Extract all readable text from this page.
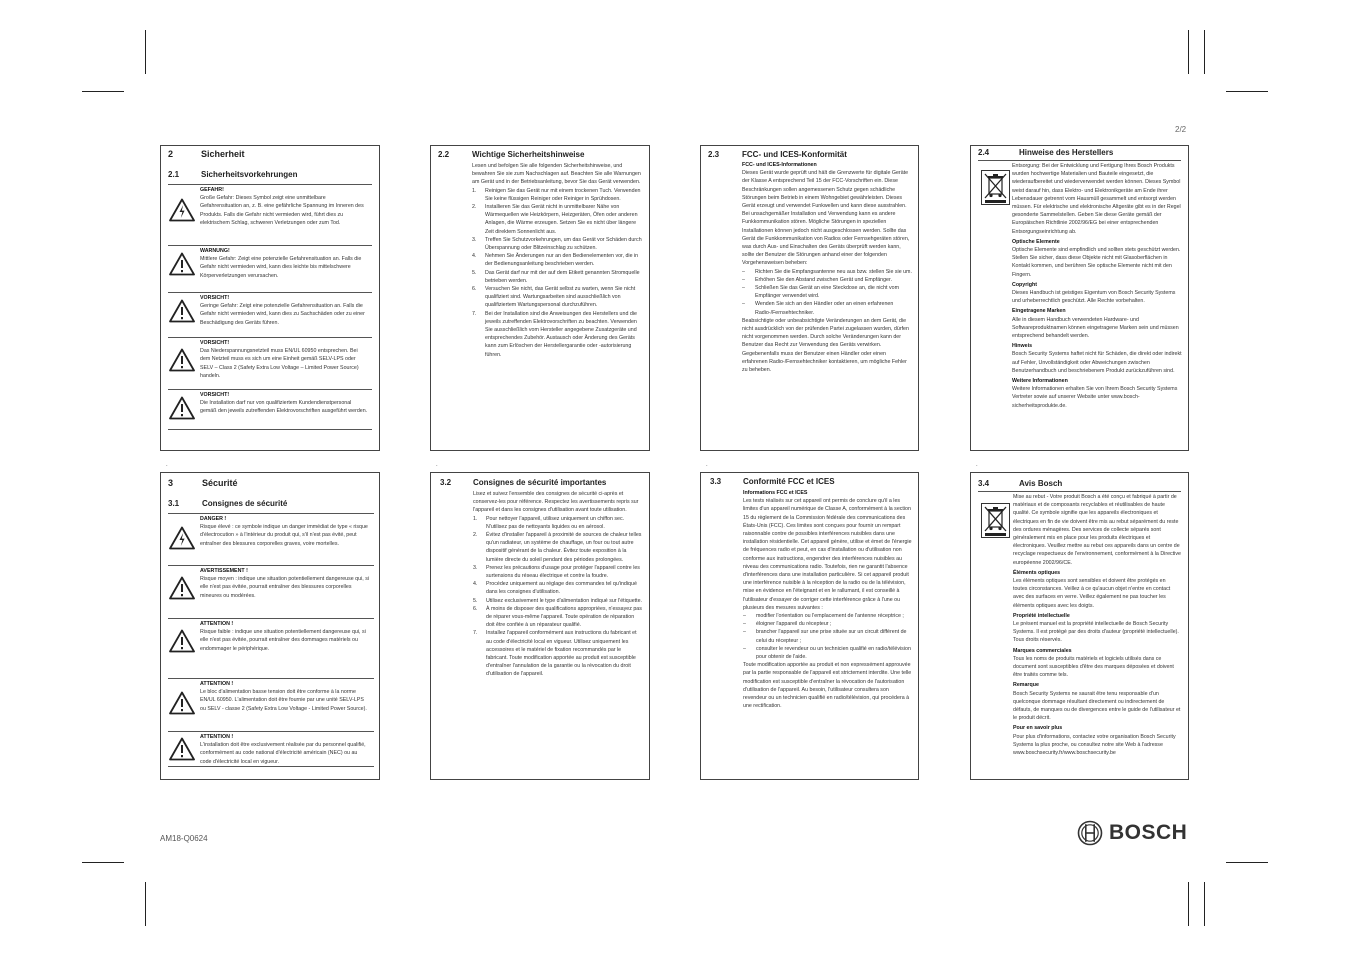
2/2
2	Sicherheit
2.1	Sicherheitsvorkehrungen
GEFAHR!
Große Gefahr: Dieses Symbol zeigt eine unmittelbare Gefahrensituation an, z. B. eine gefährliche Spannung im Inneren des Produkts. Falls die Gefahr nicht vermieden wird, führt dies zu elektrischem Schlag, schweren Verletzungen oder zum Tod.
WARNUNG!
Mittlere Gefahr: Zeigt eine potenzielle Gefahrensituation an. Falls die Gefahr nicht vermieden wird, kann dies leichte bis mittelschwere Körperverletzungen verursachen.
VORSICHT!
Geringe Gefahr: Zeigt eine potenzielle Gefahrensituation an. Falls die Gefahr nicht vermieden wird, kann dies zu Sachschäden oder zu einer Beschädigung des Geräts führen.
VORSICHT!
Das Niederspannungsnetzteil muss EN/UL 60950 entsprechen. Bei dem Netzteil muss es sich um eine Einheit gemäß SELV-LPS oder SELV – Class 2 (Safety Extra Low Voltage – Limited Power Source) handeln.
VORSICHT!
Die Installation darf nur von qualifiziertem Kundendienstpersonal gemäß den jeweils zutreffenden Elektrovorschriften ausgeführt werden.
2.2	Wichtige Sicherheitshinweise

Lesen und befolgen Sie alle folgenden Sicherheitshinweise, und bewahren Sie sie zum Nachschlagen auf. Beachten Sie alle Warnungen am Gerät und in der Betriebsanleitung, bevor Sie das Gerät verwenden.

1. Reinigen Sie das Gerät nur mit einem trockenen Tuch. Verwenden Sie keine flüssigen Reiniger oder Reiniger in Sprühdosen.
2. Installieren Sie das Gerät nicht in unmittelbarer Nähe von Wärmequellen wie Heizkörpern, Heizgeräten, Öfen oder anderen Anlagen, die Wärme erzeugen. Setzen Sie es nicht über längere Zeit direktem Sonnenlicht aus.
3. Treffen Sie Schutzvorkehrungen, um das Gerät vor Schäden durch Überspannung oder Blitzeinschlag zu schützen.
4. Nehmen Sie Änderungen nur an den Bedienelementen vor, die in der Bedienungsanleitung beschrieben werden.
5. Das Gerät darf nur mit der auf dem Etikett genannten Stromquelle betrieben werden.
6. Versuchen Sie nicht, das Gerät selbst zu warten, wenn Sie nicht qualifiziert sind. Wartungsarbeiten sind ausschließlich von qualifiziertem Wartungspersonal durchzuführen.
7. Bei der Installation sind die Anweisungen des Herstellers und die jeweils zutreffenden Elektrovorschriften zu beachten. Verwenden Sie ausschließlich vom Hersteller angegebene Zusatzgeräte und entsprechendes Zubehör. Austausch oder Änderung des Geräts kann zum Erlöschen der Herstellergarantie oder -autorisierung führen.
2.3	FCC- und ICES-Konformität

FCC- und ICES-Informationen

Dieses Gerät wurde geprüft und hält die Grenzwerte für digitale Geräte der Klasse A entsprechend Teil 15 der FCC-Vorschriften ein. Diese Beschränkungen sollen angemessenen Schutz gegen schädliche Störungen beim Betrieb in einem Wohngebiet gewährleisten. Dieses Gerät erzeugt und verwendet Funkwellen und kann diese ausstrahlen. Bei unsachgemäßer Installation und Verwendung kann es andere Funkkommunikation stören. Mögliche Störungen in speziellen Installationen können jedoch nicht ausgeschlossen werden. Sollte das Gerät die Funkkommunikation von Radios oder Fernsehgeräten stören, was durch Aus- und Einschalten des Geräts überprüft werden kann, sollte der Benutzer die Störungen anhand einer der folgenden Vorgehensweisen beheben:

– Richten Sie die Empfangsantenne neu aus bzw. stellen Sie sie um.
– Erhöhen Sie den Abstand zwischen Gerät und Empfänger.
– Schließen Sie das Gerät an eine Steckdose an, die nicht vom Empfänger verwendet wird.
– Wenden Sie sich an den Händler oder an einen erfahrenen Radio-/Fernsehtechniker.

Beabsichtigte oder unbeabsichtigte Veränderungen an dem Gerät, die nicht ausdrücklich von der prüfenden Partei zugelassen wurden, dürfen nicht vorgenommen werden. Durch solche Veränderungen kann der Benutzer das Recht zur Verwendung des Geräts verwirken. Gegebenenfalls muss der Benutzer einen Händler oder einen erfahrenen Radio-/Fernsehtechniker kontaktieren, um mögliche Fehler zu beheben.

2.4	Hinweise des Herstellers

Entsorgung: Bei der Entwicklung und Fertigung Ihres Bosch Produkts wurden hochwertige Materialien und Bauteile eingesetzt, die wiederaufbereitet und wiederverwendet werden können. Dieses Symbol weist darauf hin, dass Elektro- und Elektronikgeräte am Ende ihrer Lebensdauer getrennt vom Hausmüll gesammelt und entsorgt werden müssen. Für elektrische und elektronische Altgeräte gibt es in der Regel gesonderte Sammelstellen. Geben Sie diese Geräte gemäß der Europäischen Richtlinie 2002/96/EG bei einer entsprechenden Entsorgungseinrichtung ab.

Optische Elemente

Optische Elemente sind empfindlich und sollten stets geschützt werden. Stellen Sie sicher, dass diese Objekte nicht mit Glasoberflächen in Kontakt kommen, und berühren Sie optische Elemente nicht mit den Fingern.

Copyright

Dieses Handbuch ist geistiges Eigentum von Bosch Security Systems und urheberrechtlich geschützt. Alle Rechte vorbehalten.

Eingetragene Marken

Alle in diesem Handbuch verwendeten Hardware- und Softwareproduktnamen können eingetragene Marken sein und müssen entsprechend behandelt werden.

Hinweis

Bosch Security Systems haftet nicht für Schäden, die direkt oder indirekt auf Fehler, Unvollständigkeit oder Abweichungen zwischen Benutzerhandbuch und beschriebenem Produkt zurückzuführen sind.

Weitere Informationen

Weitere Informationen erhalten Sie von Ihrem Bosch Security Systems Vertreter sowie auf unserer Website unter www.bosch-sicherheitsprodukte.de.

.	.	.	.
3	Sécurité
3.1	Consignes de sécurité
DANGER !
Risque élevé : ce symbole indique un danger immédiat de type « risque d'électrocution » à l'intérieur du produit qui, s'il n'est pas évité, peut entraîner des blessures corporelles graves, voire mortelles.
AVERTISSEMENT !
Risque moyen : indique une situation potentiellement dangereuse qui, si elle n'est pas évitée, pourrait entraîner des blessures corporelles mineures ou modérées.
ATTENTION !
Risque faible : indique une situation potentiellement dangereuse qui, si elle n'est pas évitée, pourrait entraîner des dommages matériels ou endommager le périphérique.
ATTENTION !
Le bloc d'alimentation basse tension doit être conforme à la norme EN/UL 60950. L'alimentation doit être fournie par une unité SELV-LPS ou SELV - classe 2 (Safety Extra Low Voltage - Limited Power Source).
ATTENTION !
L'installation doit être exclusivement réalisée par du personnel qualifié, conformément au code national d'électricité américain (NEC) ou au code d'électricité local en vigueur.
3.2	Consignes de sécurité importantes

Lisez et suivez l'ensemble des consignes de sécurité ci-après et conservez-les pour référence. Respectez les avertissements repris sur l'appareil et dans les consignes d'utilisation avant toute utilisation.

1. Pour nettoyer l'appareil, utilisez uniquement un chiffon sec. N'utilisez pas de nettoyants liquides ou en aérosol.
2. Évitez d'installer l'appareil à proximité de sources de chaleur telles qu'un radiateur, un système de chauffage, un four ou tout autre dispositif générant de la chaleur. Évitez toute exposition à la lumière directe du soleil pendant des périodes prolongées.
3. Prenez les précautions d'usage pour protéger l'appareil contre les surtensions du réseau électrique et contre la foudre.
4. Procédez uniquement au réglage des commandes tel qu'indiqué dans les consignes d'utilisation.
5. Utilisez exclusivement le type d'alimentation indiqué sur l'étiquette.
6. À moins de disposer des qualifications appropriées, n'essayez pas de réparer vous-même l'appareil. Toute opération de réparation doit être confiée à un réparateur qualifié.
7. Installez l'appareil conformément aux instructions du fabricant et au code d'électricité local en vigueur. Utilisez uniquement les accessoires et le matériel de fixation recommandés par le fabricant. Toute modification apportée au produit est susceptible d'entraîner l'annulation de la garantie ou la révocation du droit d'utilisation de l'appareil.
3.3	Conformité FCC et ICES

Informations FCC et ICES

Les tests réalisés sur cet appareil ont permis de conclure qu'il a les limites d'un appareil numérique de Classe A, conformément à la section 15 du règlement de la Commission fédérale des communications des États-Unis (FCC). Ces limites sont conçues pour fournir un rempart raisonnable contre de possibles interférences nuisibles dans une installation résidentielle. Cet appareil génère, utilise et émet de l'énergie de fréquences radio et peut, en cas d'installation ou d'utilisation non conforme aux instructions, engendrer des interférences nuisibles au niveau des communications radio. Toutefois, rien ne garantit l'absence d'interférences dans une installation particulière. Si cet appareil produit une interférence nuisible à la réception de la radio ou de la télévision, mise en évidence en l'éteignant et en le rallumant, il est conseillé à l'utilisateur d'essayer de corriger cette interférence grâce à l'une ou plusieurs des mesures suivantes :

– modifier l'orientation ou l'emplacement de l'antenne réceptrice ;
– éloigner l'appareil du récepteur ;
– brancher l'appareil sur une prise située sur un circuit différent de celui du récepteur ;
– consulter le revendeur ou un technicien qualifié en radio/télévision pour obtenir de l'aide.

Toute modification apportée au produit et non expressément approuvée par la partie responsable de l'appareil est strictement interdite. Une telle modification est susceptible d'entraîner la révocation de l'autorisation d'utilisation de l'appareil. Au besoin, l'utilisateur consultera son revendeur ou un technicien qualifié en radio/télévision, qui procédera à une rectification.

3.4	Avis Bosch

Mise au rebut - Votre produit Bosch a été conçu et fabriqué à partir de matériaux et de composants recyclables et réutilisables de haute qualité. Ce symbole signifie que les appareils électroniques et électriques en fin de vie doivent être mis au rebut séparément du reste des ordures ménagères. Des services de collecte séparés sont généralement mis en place pour les produits électriques et électroniques. Veuillez mettre au rebut ces appareils dans un centre de recyclage respectueux de l'environnement, conformément à la Directive européenne 2002/96/CE.

Éléments optiques

Les éléments optiques sont sensibles et doivent être protégés en toutes circonstances. Veillez à ce qu'aucun objet n'entre en contact avec des surfaces en verre. Veillez également ne pas toucher les éléments optiques avec les doigts.

Propriété intellectuelle

Le présent manuel est la propriété intellectuelle de Bosch Security Systems. Il est protégé par des droits d'auteur (propriété intellectuelle). Tous droits réservés.

Marques commerciales

Tous les noms de produits matériels et logiciels utilisés dans ce document sont susceptibles d'être des marques déposées et doivent être traités comme tels.

Remarque

Bosch Security Systems ne saurait être tenu responsable d'un quelconque dommage résultant directement ou indirectement de défauts, de manques ou de divergences entre le guide de l'utilisateur et le produit décrit.

Pour en savoir plus

Pour plus d'informations, contactez votre organisation Bosch Security Systems la plus proche, ou consultez notre site Web à l'adresse www.boschsecurity.fr/www.boschsecurity.be

AM18-Q0624	BOSCH
